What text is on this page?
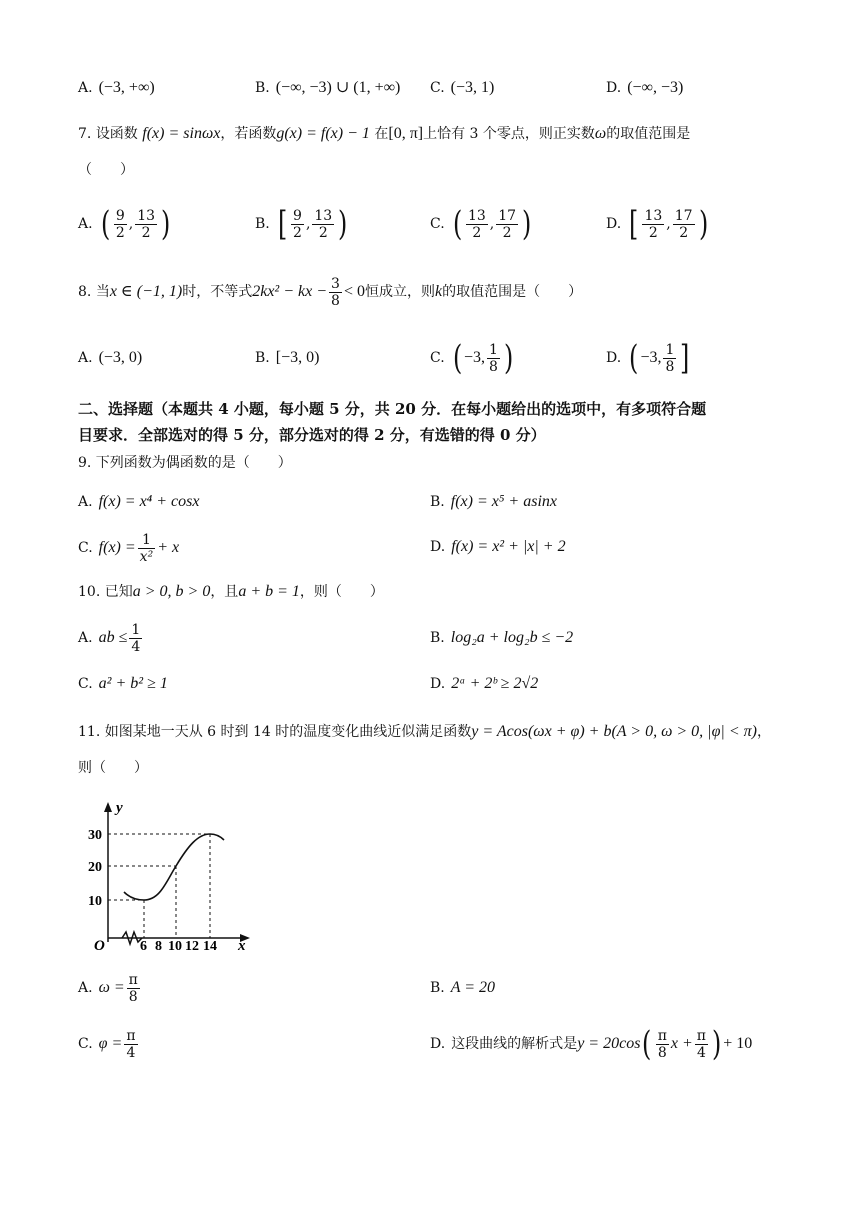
A. (−3, +∞)	B. (−∞, −3) ∪ (1, +∞) C. (−3, 1)	D. (−∞, −3)
7. 设函数 f(x) = sinωx，若函数g(x) = f(x) − 1 在[0, π]上恰有 3 个零点，则正实数ω的取值范围是
（　　）
A. ( $\frac{9}{2}$ , $\frac{13}{2}$ )	B. [ $\frac{9}{2}$ , $\frac{13}{2}$ )	C. ( $\frac{13}{2}$ , $\frac{17}{2}$ )	D. [ $\frac{13}{2}$ , $\frac{17}{2}$ )
8. 当x ∈ (−1, 1)时，不等式2kx² − kx − $\frac{3}{8} < 0$恒成立，则k的取值范围是（　　）
A. (−3, 0)	B. [−3, 0)	C. ( −3, $\frac{1}{8}$ )	D. ( −3, $\frac{1}{8}$ ]
二、选择题（本题共 4 小题，每小题 5 分，共 20 分．在每小题给出的选项中，有多项符合题
目要求．全部选对的得 5 分，部分选对的得 2 分，有选错的得 0 分）
9. 下列函数为偶函数的是（　　）
A. f(x) = x⁴ + cosx	B. f(x) = x⁵ + asinx
C. $f(x) = \frac{1}{\text{x²}} + x$	D. f(x) = x² + |x| + 2
10. 已知a > 0, b > 0，且a + b = 1，则（　　）
A. ab ≤ $\frac{1}{4}$	B. log₂a + log₂b ≤ −2
C. a² + b² ≥ 1	D. 2ᵃ + 2ᵇ ≥ 2√2
11. 如图某地一天从 6 时到 14 时的温度变化曲线近似满足函数y = Acos(ωx + φ) + b(A > 0, ω > 0, |φ| < π)，
则（　　）
y
x
O
30
20
10
6 8 10 12 14
A. $\omega = \frac{\pi}{8}$	B. A = 20
C. $\varphi = \frac{\pi}{4}$	D. 这段曲线的解析式是$y = 20\cos( \frac{\pi}{8}$ $x + \frac{\pi}{4}$ ) + 10
